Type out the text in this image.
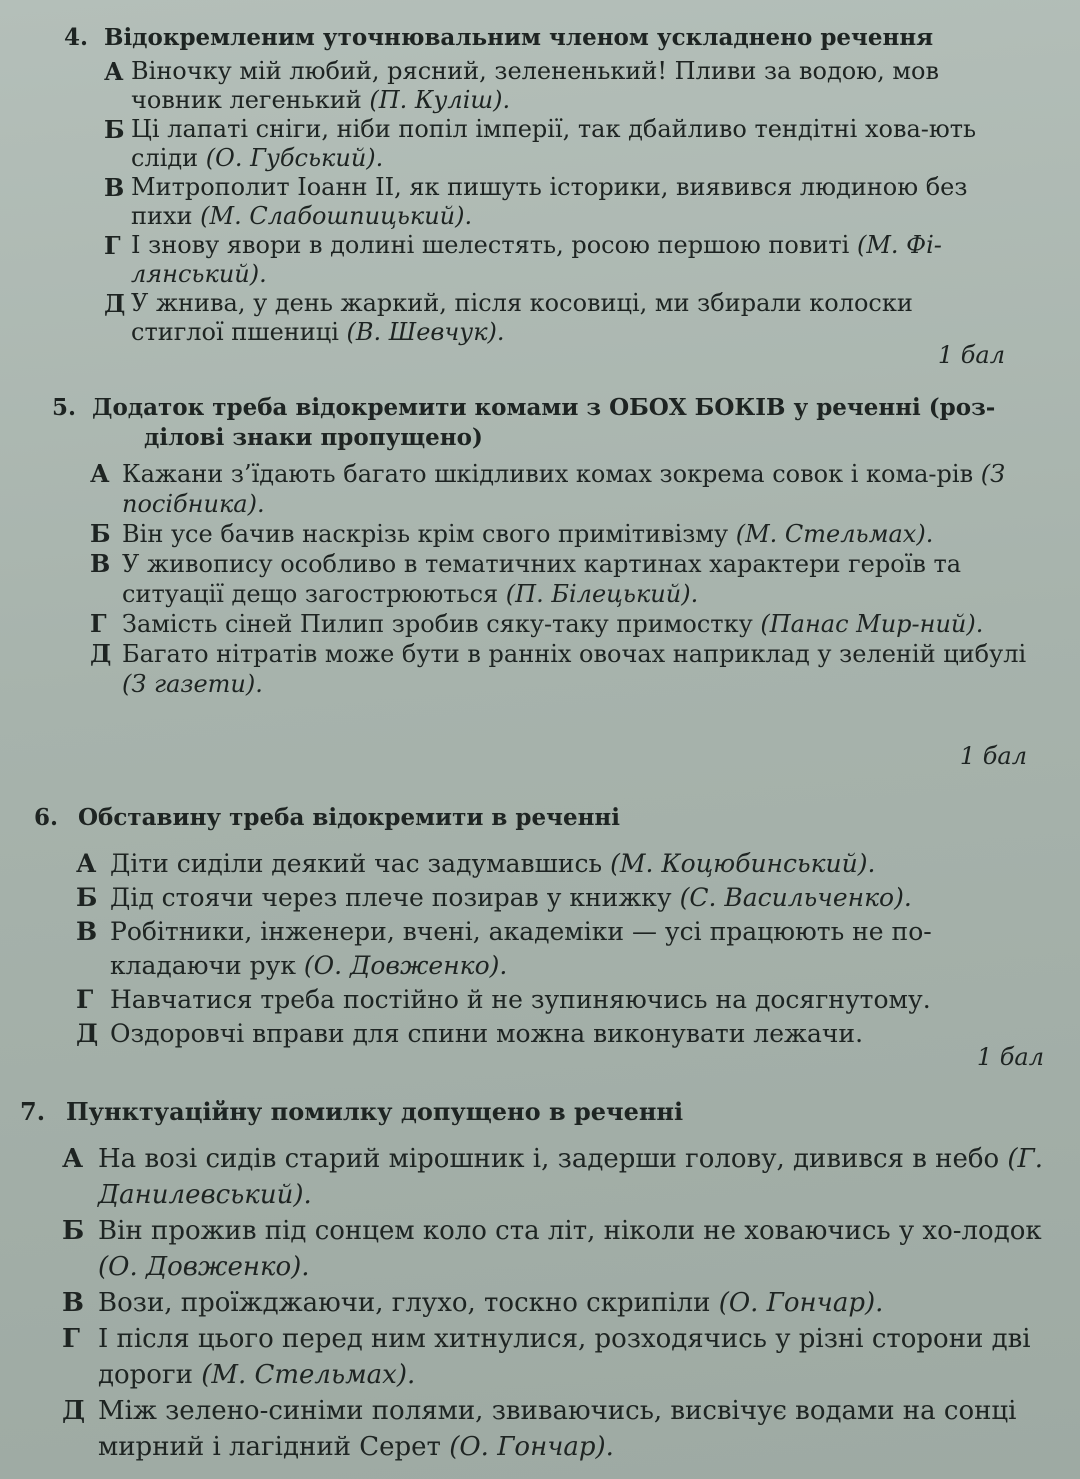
4. Відокремленим уточнювальним членом ускладнено речення
А Віночку мій любий, рясний, зелененький! Пливи за водою, мов човник легенький (П. Куліш).
Б Ці лапаті сніги, ніби попіл імперії, так дбайливо тендітні хова-ють сліди (О. Губський).
В Митрополит Іоанн II, як пишуть історики, виявився людиною без пихи (М. Слабошпицький).
Г І знову явори в долині шелестять, росою першою повиті (М. Фі-лянський).
Д У жнива, у день жаркий, після косовиці, ми збирали колоски стиглої пшениці (В. Шевчук).
1 бал
5. Додаток треба відокремити комами з ОБОХ БОКІВ у реченні (роз-
ділові знаки пропущено)
А Кажани з’їдають багато шкідливих комах зокрема совок і кома-рів (З посібника).
Б Він усе бачив наскрізь крім свого примітивізму (М. Стельмах).
В У живопису особливо в тематичних картинах характери героїв та ситуації дещо загострюються (П. Білецький).
Г Замість сіней Пилип зробив сяку-таку примостку (Панас Мир-ний).
Д Багато нітратів може бути в ранніх овочах наприклад у зеленій цибулі (З газети).
1 бал
6. Обставину треба відокремити в реченні
А Діти сиділи деякий час задумавшись (М. Коцюбинський).
Б Дід стоячи через плече позирав у книжку (С. Васильченко).
В Робітники, інженери, вчені, академіки — усі працюють не по-кладаючи рук (О. Довженко).
Г Навчатися треба постійно й не зупиняючись на досягнутому.
Д Оздоровчі вправи для спини можна виконувати лежачи.
1 бал
7. Пунктуаційну помилку допущено в реченні
А На возі сидів старий мірошник і, задерши голову, дивився в небо (Г. Данилевський).
Б Він прожив під сонцем коло ста літ, ніколи не ховаючись у хо-лодок (О. Довженко).
В Вози, проїжджаючи, глухо, тоскно скрипіли (О. Гончар).
Г І після цього перед ним хитнулися, розходячись у різні сторони дві дороги (М. Стельмах).
Д Між зелено-синіми полями, звиваючись, висвічує водами на сонці мирний і лагідний Серет (О. Гончар).
